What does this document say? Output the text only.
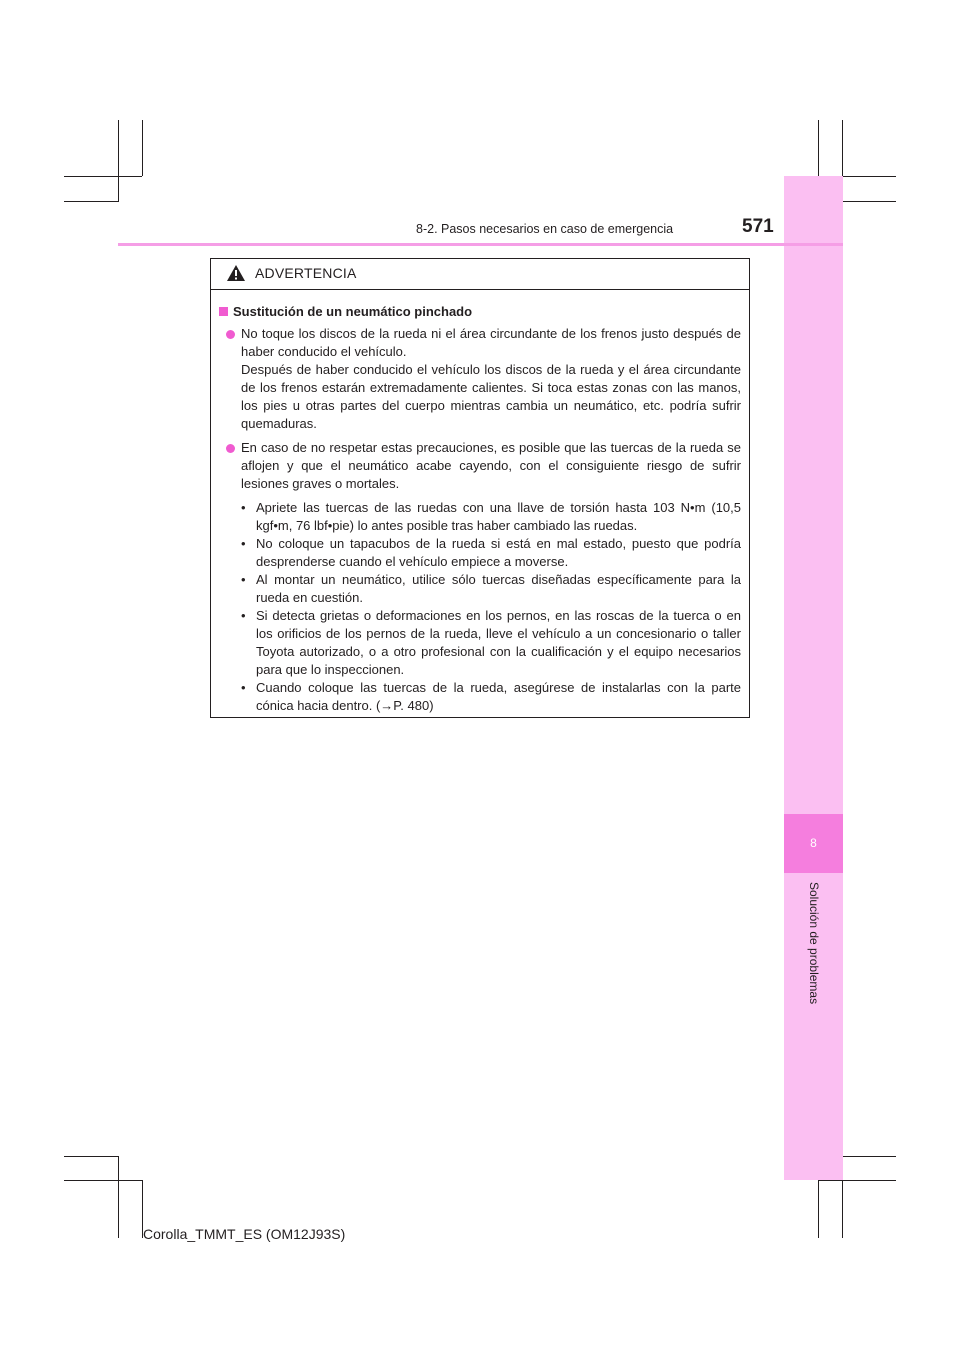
8
Solución de problemas
8-2. Pasos necesarios en caso de emergencia	571
ADVERTENCIA
Sustitución de un neumático pinchado

No toque los discos de la rueda ni el área circundante de los frenos justo después de haber conducido el vehículo.

Después de haber conducido el vehículo los discos de la rueda y el área circundante de los frenos estarán extremadamente calientes. Si toca estas zonas con las manos, los pies u otras partes del cuerpo mientras cambia un neumático, etc. podría sufrir quemaduras.

En caso de no respetar estas precauciones, es posible que las tuercas de la rueda se aflojen y que el neumático acabe cayendo, con el consiguiente riesgo de sufrir lesiones graves o mortales.

• Apriete las tuercas de las ruedas con una llave de torsión hasta 103 N•m (10,5 kgf•m, 76 lbf•pie) lo antes posible tras haber cambiado las ruedas.
• No coloque un tapacubos de la rueda si está en mal estado, puesto que podría desprenderse cuando el vehículo empiece a moverse.
• Al montar un neumático, utilice sólo tuercas diseñadas específicamente para la rueda en cuestión.
• Si detecta grietas o deformaciones en los pernos, en las roscas de la tuerca o en los orificios de los pernos de la rueda, lleve el vehículo a un concesionario o taller Toyota autorizado, o a otro profesional con la cualificación y el equipo necesarios para que lo inspeccionen.
• Cuando coloque las tuercas de la rueda, asegúrese de instalarlas con la parte cónica hacia dentro. (→P. 480)
Corolla_TMMT_ES (OM12J93S)
